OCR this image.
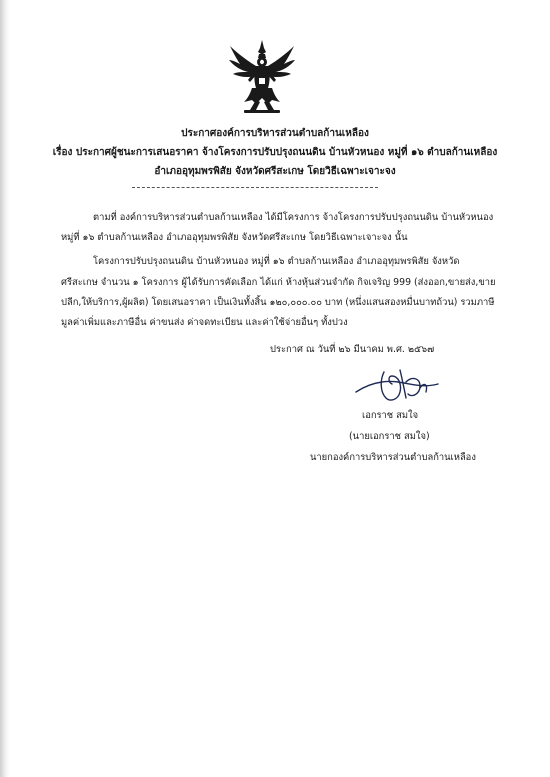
ประกาศองค์การบริหารส่วนตำบลก้านเหลือง
เรื่อง ประกาศผู้ชนะการเสนอราคา จ้างโครงการปรับปรุงถนนดิน บ้านหัวหนอง หมู่ที่ ๑๖ ตำบลก้านเหลือง
อำเภออุทุมพรพิสัย จังหวัดศรีสะเกษ โดยวิธีเฉพาะเจาะจง
ตามที่ องค์การบริหารส่วนตำบลก้านเหลือง ได้มีโครงการ จ้างโครงการปรับปรุงถนนดิน บ้านหัวหนอง
หมู่ที่ ๑๖ ตำบลก้านเหลือง อำเภออุทุมพรพิสัย จังหวัดศรีสะเกษ โดยวิธีเฉพาะเจาะจง นั้น
โครงการปรับปรุงถนนดิน บ้านหัวหนอง หมู่ที่ ๑๖ ตำบลก้านเหลือง อำเภออุทุมพรพิสัย จังหวัด
ศรีสะเกษ จำนวน ๑ โครงการ ผู้ได้รับการคัดเลือก ได้แก่ ห้างหุ้นส่วนจำกัด กิจเจริญ 999 (ส่งออก,ขายส่ง,ขาย
ปลีก,ให้บริการ,ผู้ผลิต) โดยเสนอราคา เป็นเงินทั้งสิ้น ๑๒๐,๐๐๐.๐๐ บาท (หนึ่งแสนสองหมื่นบาทถ้วน) รวมภาษี
มูลค่าเพิ่มและภาษีอื่น ค่าขนส่ง ค่าจดทะเบียน และค่าใช้จ่ายอื่นๆ ทั้งปวง
ประกาศ ณ วันที่ ๒๖ มีนาคม พ.ศ. ๒๕๖๗
เอกราช สมใจ
(นายเอกราช สมใจ)
นายกองค์การบริหารส่วนตำบลก้านเหลือง
